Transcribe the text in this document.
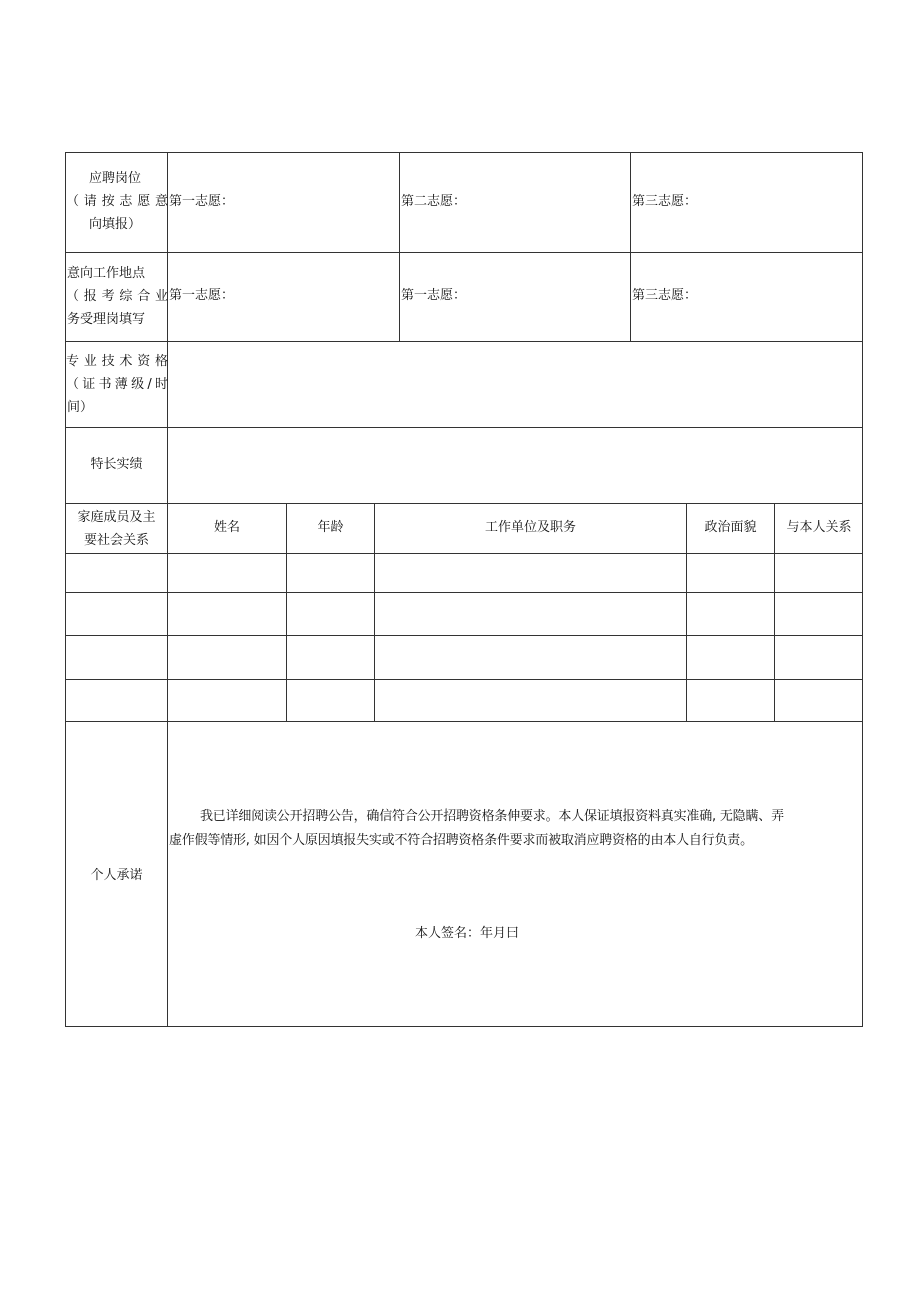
应聘岗位
（请按志愿意
向填报）
第一志愿：	第二志愿：	第三志愿：
意向工作地点
（报考综合业
务受理岗填写
第一志愿：	第一志愿：	第三志愿：
专业技术资格
（证书薄级/时
间）
特长实绩
家庭成员及主
要社会关系
姓名	年龄	工作单位及职务	政治面貌	与本人关系
个人承诺
我已详细阅读公开招聘公告，确信符合公开招聘资格条伸要求。本人保证填报资料真实准确, 无隐瞒、弄
虚作假等情形, 如因个人原因填报失实或不符合招聘资格条件要求而被取消应聘资格的由本人自行负责。
本人签名：年月曰
